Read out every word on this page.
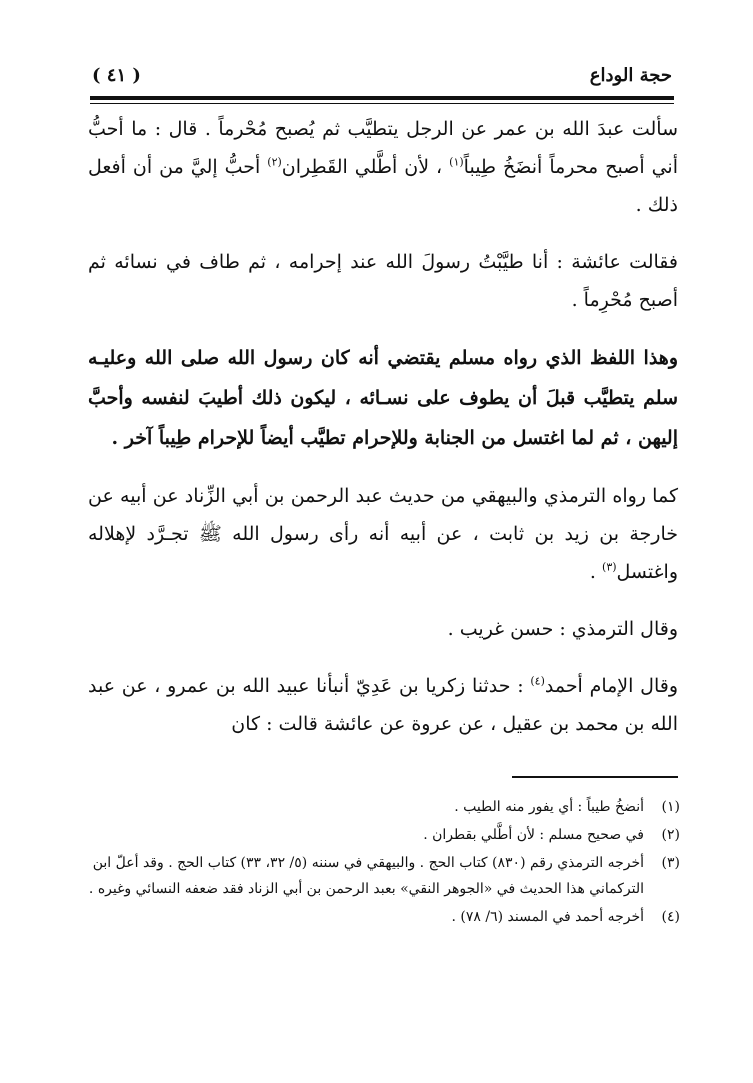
حجة الوداع
( ٤١ )

سألت عبدَ الله بن عمر عن الرجل يتطيَّب ثم يُصبح مُحْرماً . قال : ما أحبُّ أني أصبح محرماً أنضَخُ طِيباً$^{(١)}$ ، لأن أطَّلي القَطِران$^{(٢)}$ أحبُّ إليَّ من أن أفعل ذلك .

فقالت عائشة : أنا طيَّبْتُ رسولَ الله عند إحرامه ، ثم طاف في نسائه ثم أصبح مُحْرِماً .

وهذا اللفظ الذي رواه مسلم يقتضي أنه كان رسول الله صلى الله وعليـه سلم يتطيَّب قبلَ أن يطوف على نسـائه ، ليكون ذلك أطيبَ لنفسه وأحبَّ إليهن ، ثم لما اغتسل من الجنابة وللإحرام تطيَّب أيضاً للإحرام طِيباً آخر .

كما رواه الترمذي والبيهقي من حديث عبد الرحمن بن أبي الزِّناد عن أبيه عن خارجة بن زيد بن ثابت ، عن أبيه أنه رأى رسول الله ﷺ تجـرَّد لإهلاله واغتسل$^{(٣)}$ .

وقال الترمذي : حسن غريب .

وقال الإمام أحمد$^{(٤)}$ : حدثنا زكريا بن عَدِيّ أنبأنا عبيد الله بن عمرو ، عن عبد الله بن محمد بن عقيل ، عن عروة عن عائشة قالت : كان

(١)
أنضخُ طيباً : أي يفور منه الطيب .
(٢)
في صحيح مسلم : لأن أطَّلي بقطران .
(٣)
أخرجه الترمذي رقم (٨٣٠) كتاب الحج . والبيهقي في سننه (٥/ ٣٢، ٣٣) كتاب الحج . وقد أعلّ ابن التركماني هذا الحديث في «الجوهر النقي» بعبد الرحمن بن أبي الزناد فقد ضعفه النسائي وغيره .
(٤)
أخرجه أحمد في المسند (٦/ ٧٨) .
